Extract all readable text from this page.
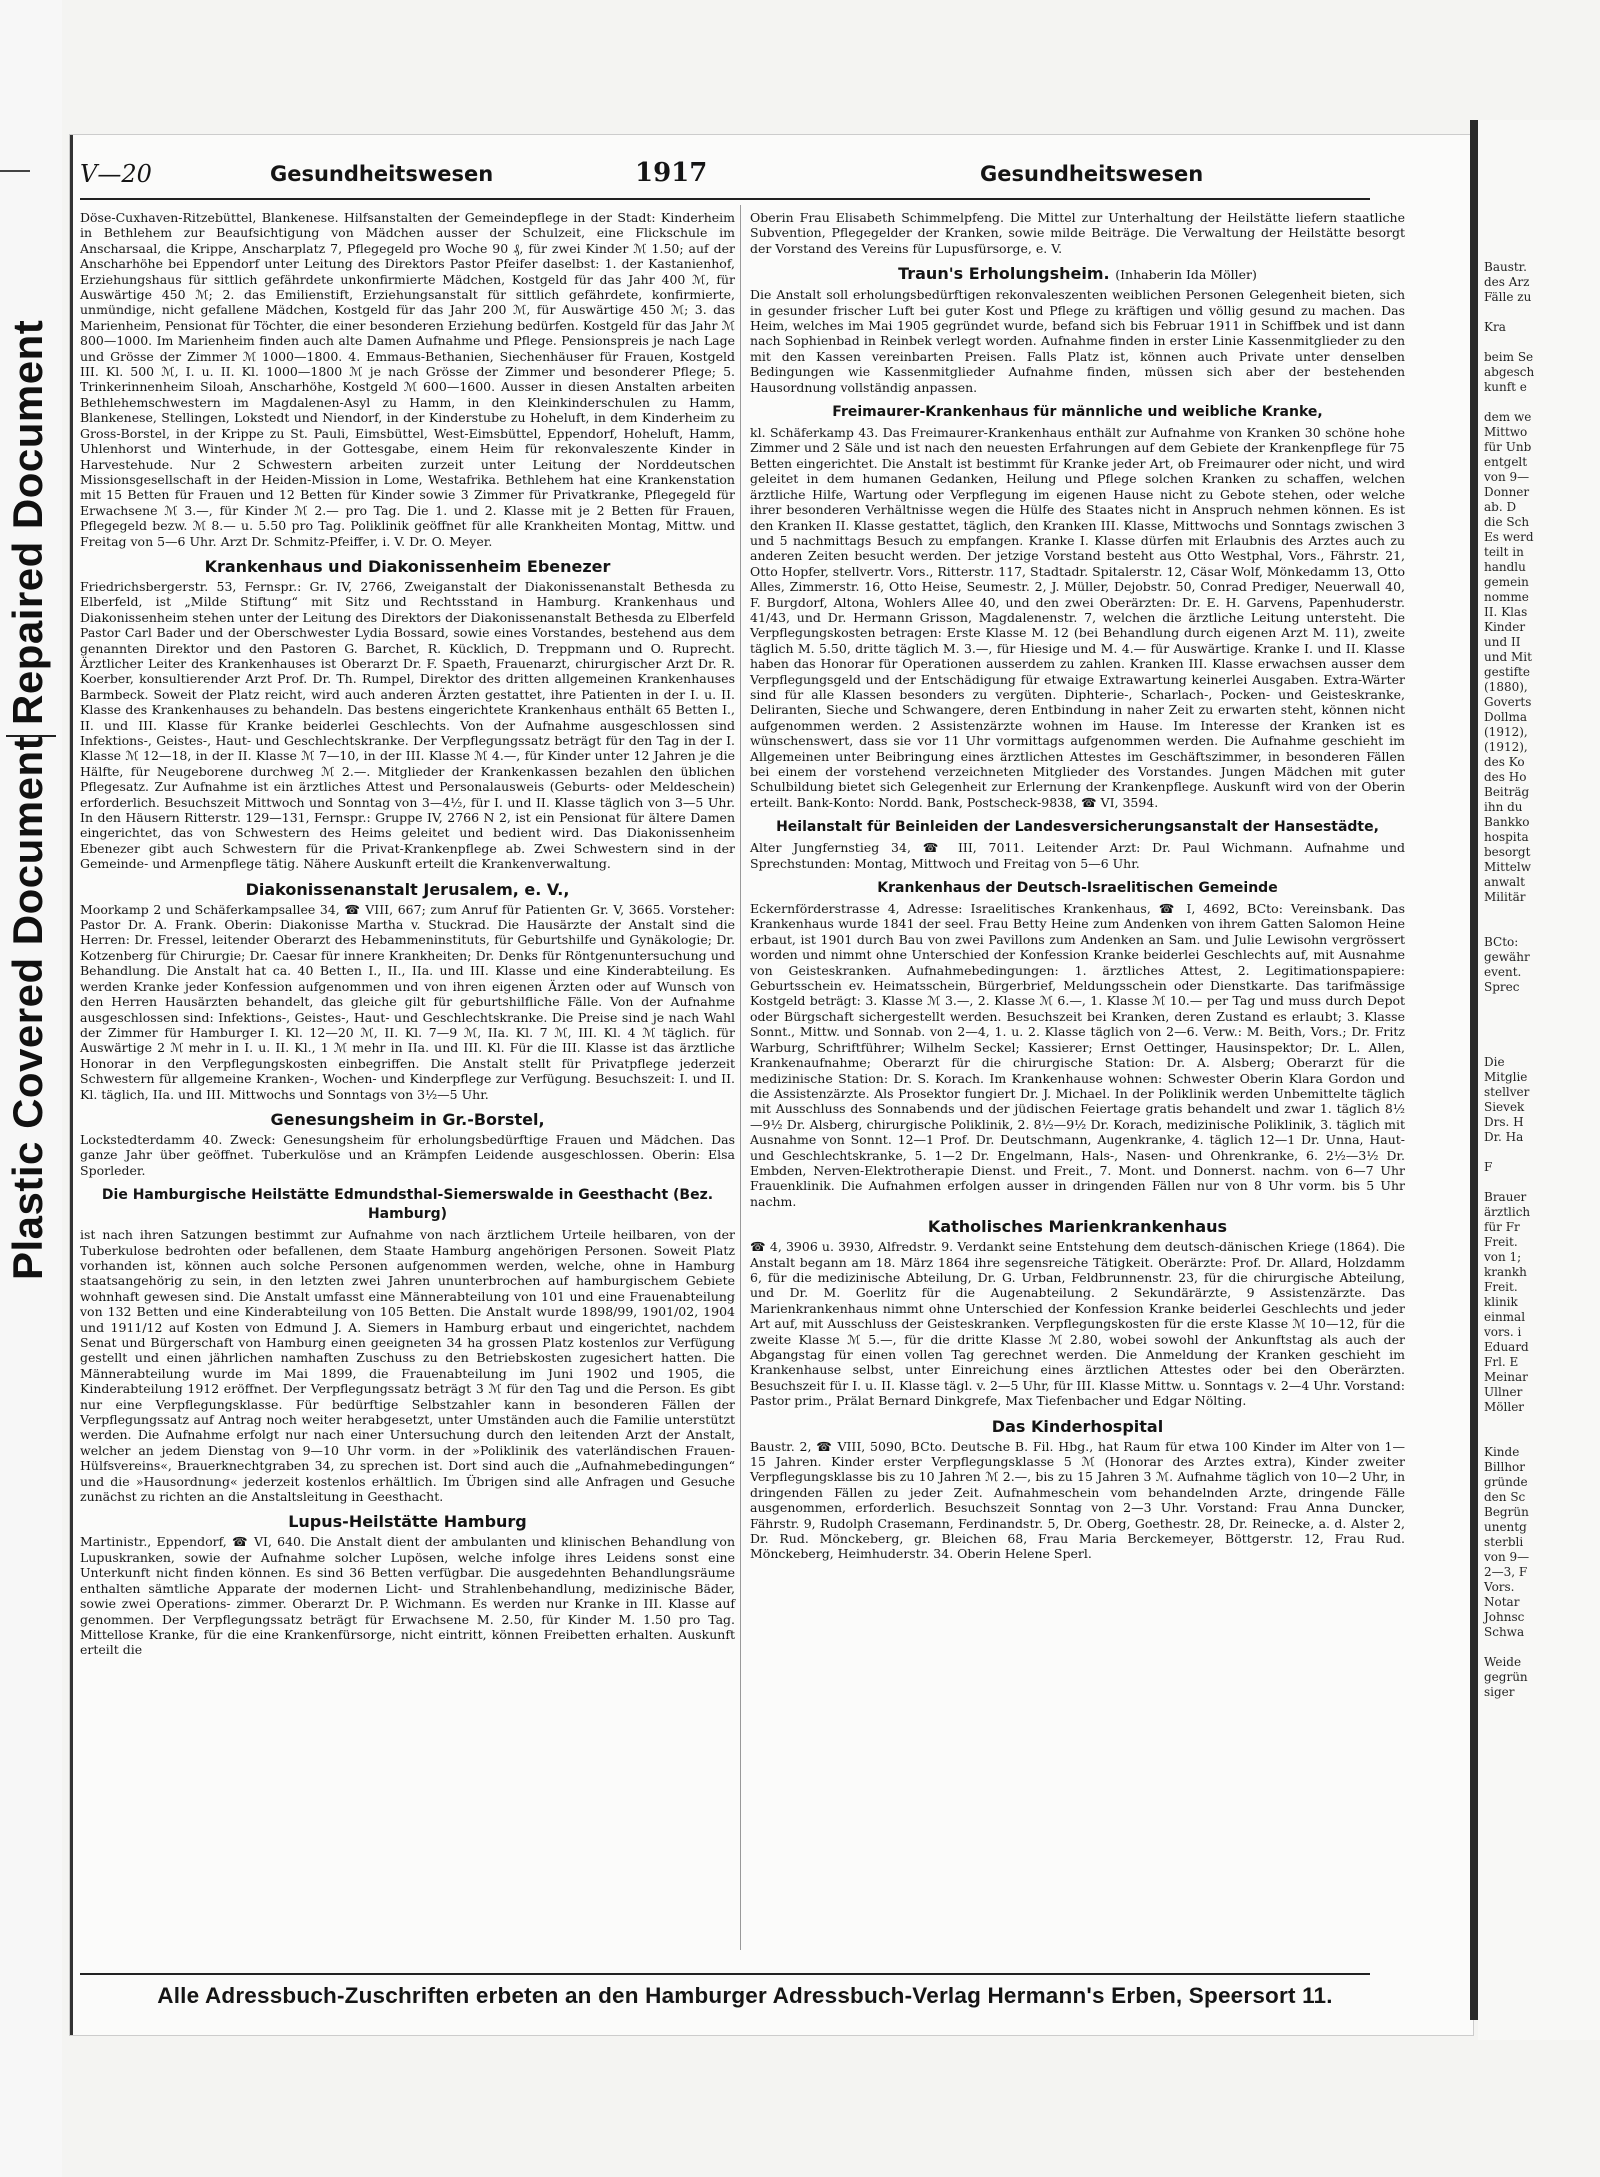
Plastic Covered Document
Repaired Document
Baustr.
des Arz
Fälle zu
Kra
beim Se
abgesch
kunft e
dem we
Mittwo
für Unb
entgelt
von 9—
Donner
ab. D
die Sch
Es werd
teilt in
handlu
gemein
nomme
II. Klas
Kinder
und II
und Mit
gestifte
(1880),
Goverts
Dollma
(1912),
(1912),
des Ko
des Ho
Beiträg
ihn du
Bankko
hospita
besorgt
Mittelw
anwalt
Militär
BCto:
gewähr
event.
Sprec
Die
Mitglie
stellver
Sievek
Drs. H
Dr. Ha
F
Brauer
ärztlich
für Fr
Freit.
von 1;
krankh
Freit.
klinik
einmal
vors. i
Eduard
Frl. E
Meinar
Ullner
Möller
Kinde
Billhor
gründe
den Sc
Begrün
unentg
sterbli
von 9—
2—3, F
Vors.
Notar
Johnsc
Schwa
Weide
gegrün
siger
V—20	Gesundheitswesen	1917	Gesundheitswesen

Döse-Cuxhaven-Ritzebüttel, Blankenese. Hilfsanstalten der Gemeindepflege in der Stadt: Kinderheim in Bethlehem zur Beaufsichtigung von Mädchen ausser der Schulzeit, eine Flickschule im Anscharsaal, die Krippe, Anscharplatz 7, Pflegegeld pro Woche 90 ₰, für zwei Kinder ℳ 1.50; auf der Anscharhöhe bei Eppendorf unter Leitung des Direktors Pastor Pfeifer daselbst: 1. der Kastanienhof, Erziehungshaus für sittlich gefährdete unkonfirmierte Mädchen, Kostgeld für das Jahr 400 ℳ, für Auswärtige 450 ℳ; 2. das Emilienstift, Erziehungsanstalt für sittlich gefährdete, konfirmierte, unmündige, nicht gefallene Mädchen, Kostgeld für das Jahr 200 ℳ, für Auswärtige 450 ℳ; 3. das Marienheim, Pensionat für Töchter, die einer besonderen Erziehung bedürfen. Kostgeld für das Jahr ℳ 800—1000. Im Marienheim finden auch alte Damen Aufnahme und Pflege. Pensionspreis je nach Lage und Grösse der Zimmer ℳ 1000—1800. 4. Emmaus-Bethanien, Siechenhäuser für Frauen, Kostgeld III. Kl. 500 ℳ, I. u. II. Kl. 1000—1800 ℳ je nach Grösse der Zimmer und besonderer Pflege; 5. Trinkerinnenheim Siloah, Anscharhöhe, Kostgeld ℳ 600—1600. Ausser in diesen Anstalten arbeiten Bethlehemschwestern im Magdalenen-Asyl zu Hamm, in den Kleinkinderschulen zu Hamm, Blankenese, Stellingen, Lokstedt und Niendorf, in der Kinderstube zu Hoheluft, in dem Kinderheim zu Gross-Borstel, in der Krippe zu St. Pauli, Eimsbüttel, West-Eimsbüttel, Eppendorf, Hoheluft, Hamm, Uhlenhorst und Winterhude, in der Gottesgabe, einem Heim für rekonvaleszente Kinder in Harvestehude. Nur 2 Schwestern arbeiten zurzeit unter Leitung der Norddeutschen Missionsgesellschaft in der Heiden-Mission in Lome, Westafrika. Bethlehem hat eine Krankenstation mit 15 Betten für Frauen und 12 Betten für Kinder sowie 3 Zimmer für Privatkranke, Pflegegeld für Erwachsene ℳ 3.—, für Kinder ℳ 2.— pro Tag. Die 1. und 2. Klasse mit je 2 Betten für Frauen, Pflegegeld bezw. ℳ 8.— u. 5.50 pro Tag. Poliklinik geöffnet für alle Krankheiten Montag, Mittw. und Freitag von 5—6 Uhr. Arzt Dr. Schmitz-Pfeiffer, i. V. Dr. O. Meyer.

Krankenhaus und Diakonissenheim Ebenezer

Friedrichsbergerstr. 53, Fernspr.: Gr. IV, 2766, Zweiganstalt der Diakonissenanstalt Bethesda zu Elberfeld, ist „Milde Stiftung“ mit Sitz und Rechtsstand in Hamburg. Krankenhaus und Diakonissenheim stehen unter der Leitung des Direktors der Diakonissenanstalt Bethesda zu Elberfeld Pastor Carl Bader und der Oberschwester Lydia Bossard, sowie eines Vorstandes, bestehend aus dem genannten Direktor und den Pastoren G. Barchet, R. Kücklich, D. Treppmann und O. Ruprecht. Ärztlicher Leiter des Krankenhauses ist Oberarzt Dr. F. Spaeth, Frauenarzt, chirurgischer Arzt Dr. R. Koerber, konsultierender Arzt Prof. Dr. Th. Rumpel, Direktor des dritten allgemeinen Krankenhauses Barmbeck. Soweit der Platz reicht, wird auch anderen Ärzten gestattet, ihre Patienten in der I. u. II. Klasse des Krankenhauses zu behandeln. Das bestens eingerichtete Krankenhaus enthält 65 Betten I., II. und III. Klasse für Kranke beiderlei Geschlechts. Von der Aufnahme ausgeschlossen sind Infektions-, Geistes-, Haut- und Geschlechtskranke. Der Verpflegungssatz beträgt für den Tag in der I. Klasse ℳ 12—18, in der II. Klasse ℳ 7—10, in der III. Klasse ℳ 4.—, für Kinder unter 12 Jahren je die Hälfte, für Neugeborene durchweg ℳ 2.—. Mitglieder der Krankenkassen bezahlen den üblichen Pflegesatz. Zur Aufnahme ist ein ärztliches Attest und Personalausweis (Geburts- oder Meldeschein) erforderlich. Besuchszeit Mittwoch und Sonntag von 3—4½, für I. und II. Klasse täglich von 3—5 Uhr. In den Häusern Ritterstr. 129—131, Fernspr.: Gruppe IV, 2766 N 2, ist ein Pensionat für ältere Damen eingerichtet, das von Schwestern des Heims geleitet und bedient wird. Das Diakonissenheim Ebenezer gibt auch Schwestern für die Privat-Krankenpflege ab. Zwei Schwestern sind in der Gemeinde- und Armenpflege tätig. Nähere Auskunft erteilt die Krankenverwaltung.

Diakonissenanstalt Jerusalem, e. V.,

Moorkamp 2 und Schäferkampsallee 34, ☎ VIII, 667; zum Anruf für Patienten Gr. V, 3665. Vorsteher: Pastor Dr. A. Frank. Oberin: Diakonisse Martha v. Stuckrad. Die Hausärzte der Anstalt sind die Herren: Dr. Fressel, leitender Oberarzt des Hebammeninstituts, für Geburtshilfe und Gynäkologie; Dr. Kotzenberg für Chirurgie; Dr. Caesar für innere Krankheiten; Dr. Denks für Röntgenuntersuchung und Behandlung. Die Anstalt hat ca. 40 Betten I., II., IIa. und III. Klasse und eine Kinderabteilung. Es werden Kranke jeder Konfession aufgenommen und von ihren eigenen Ärzten oder auf Wunsch von den Herren Hausärzten behandelt, das gleiche gilt für geburtshilfliche Fälle. Von der Aufnahme ausgeschlossen sind: Infektions-, Geistes-, Haut- und Geschlechtskranke. Die Preise sind je nach Wahl der Zimmer für Hamburger I. Kl. 12—20 ℳ, II. Kl. 7—9 ℳ, IIa. Kl. 7 ℳ, III. Kl. 4 ℳ täglich. für Auswärtige 2 ℳ mehr in I. u. II. Kl., 1 ℳ mehr in IIa. und III. Kl. Für die III. Klasse ist das ärztliche Honorar in den Verpflegungskosten einbegriffen. Die Anstalt stellt für Privatpflege jederzeit Schwestern für allgemeine Kranken-, Wochen- und Kinderpflege zur Verfügung. Besuchszeit: I. und II. Kl. täglich, IIa. und III. Mittwochs und Sonntags von 3½—5 Uhr.

Genesungsheim in Gr.-Borstel,

Lockstedterdamm 40. Zweck: Genesungsheim für erholungsbedürftige Frauen und Mädchen. Das ganze Jahr über geöffnet. Tuberkulöse und an Krämpfen Leidende ausgeschlossen. Oberin: Elsa Sporleder.

Die Hamburgische Heilstätte Edmundsthal-Siemerswalde in Geesthacht (Bez. Hamburg)

ist nach ihren Satzungen bestimmt zur Aufnahme von nach ärztlichem Urteile heilbaren, von der Tuberkulose bedrohten oder befallenen, dem Staate Hamburg angehörigen Personen. Soweit Platz vorhanden ist, können auch solche Personen aufgenommen werden, welche, ohne in Hamburg staatsangehörig zu sein, in den letzten zwei Jahren ununterbrochen auf hamburgischem Gebiete wohnhaft gewesen sind. Die Anstalt umfasst eine Männerabteilung von 101 und eine Frauenabteilung von 132 Betten und eine Kinderabteilung von 105 Betten. Die Anstalt wurde 1898/99, 1901/02, 1904 und 1911/12 auf Kosten von Edmund J. A. Siemers in Hamburg erbaut und eingerichtet, nachdem Senat und Bürgerschaft von Hamburg einen geeigneten 34 ha grossen Platz kostenlos zur Verfügung gestellt und einen jährlichen namhaften Zuschuss zu den Betriebskosten zugesichert hatten. Die Männerabteilung wurde im Mai 1899, die Frauenabteilung im Juni 1902 und 1905, die Kinderabteilung 1912 eröffnet. Der Verpflegungssatz beträgt 3 ℳ für den Tag und die Person. Es gibt nur eine Verpflegungsklasse. Für bedürftige Selbstzahler kann in besonderen Fällen der Verpflegungssatz auf Antrag noch weiter herabgesetzt, unter Umständen auch die Familie unterstützt werden. Die Aufnahme erfolgt nur nach einer Untersuchung durch den leitenden Arzt der Anstalt, welcher an jedem Dienstag von 9—10 Uhr vorm. in der »Poliklinik des vaterländischen Frauen-Hülfsvereins«, Brauerknechtgraben 34, zu sprechen ist. Dort sind auch die „Aufnahmebedingungen“ und die »Hausordnung« jederzeit kostenlos erhältlich. Im Übrigen sind alle Anfragen und Gesuche zunächst zu richten an die Anstaltsleitung in Geesthacht.

Lupus-Heilstätte Hamburg

Martinistr., Eppendorf, ☎ VI, 640. Die Anstalt dient der ambulanten und klinischen Behandlung von Lupuskranken, sowie der Aufnahme solcher Lupösen, welche infolge ihres Leidens sonst eine Unterkunft nicht finden können. Es sind 36 Betten verfügbar. Die ausgedehnten Behandlungsräume enthalten sämtliche Apparate der modernen Licht- und Strahlenbehandlung, medizinische Bäder, sowie zwei Operations- zimmer. Oberarzt Dr. P. Wichmann. Es werden nur Kranke in III. Klasse auf genommen. Der Verpflegungssatz beträgt für Erwachsene M. 2.50, für Kinder M. 1.50 pro Tag. Mittellose Kranke, für die eine Krankenfürsorge, nicht eintritt, können Freibetten erhalten. Auskunft erteilt die

Oberin Frau Elisabeth Schimmelpfeng. Die Mittel zur Unterhaltung der Heilstätte liefern staatliche Subvention, Pflegegelder der Kranken, sowie milde Beiträge. Die Verwaltung der Heilstätte besorgt der Vorstand des Vereins für Lupusfürsorge, e. V.

Traun's Erholungsheim. (Inhaberin Ida Möller)

Die Anstalt soll erholungsbedürftigen rekonvaleszenten weiblichen Personen Gelegenheit bieten, sich in gesunder frischer Luft bei guter Kost und Pflege zu kräftigen und völlig gesund zu machen. Das Heim, welches im Mai 1905 gegründet wurde, befand sich bis Februar 1911 in Schiffbek und ist dann nach Sophienbad in Reinbek verlegt worden. Aufnahme finden in erster Linie Kassenmitglieder zu den mit den Kassen vereinbarten Preisen. Falls Platz ist, können auch Private unter denselben Bedingungen wie Kassenmitglieder Aufnahme finden, müssen sich aber der bestehenden Hausordnung vollständig anpassen.

Freimaurer-Krankenhaus für männliche und weibliche Kranke,

kl. Schäferkamp 43. Das Freimaurer-Krankenhaus enthält zur Aufnahme von Kranken 30 schöne hohe Zimmer und 2 Säle und ist nach den neuesten Erfahrungen auf dem Gebiete der Krankenpflege für 75 Betten eingerichtet. Die Anstalt ist bestimmt für Kranke jeder Art, ob Freimaurer oder nicht, und wird geleitet in dem humanen Gedanken, Heilung und Pflege solchen Kranken zu schaffen, welchen ärztliche Hilfe, Wartung oder Verpflegung im eigenen Hause nicht zu Gebote stehen, oder welche ihrer besonderen Verhältnisse wegen die Hülfe des Staates nicht in Anspruch nehmen können. Es ist den Kranken II. Klasse gestattet, täglich, den Kranken III. Klasse, Mittwochs und Sonntags zwischen 3 und 5 nachmittags Besuch zu empfangen. Kranke I. Klasse dürfen mit Erlaubnis des Arztes auch zu anderen Zeiten besucht werden. Der jetzige Vorstand besteht aus Otto Westphal, Vors., Fährstr. 21, Otto Hopfer, stellvertr. Vors., Ritterstr. 117, Stadtadr. Spitalerstr. 12, Cäsar Wolf, Mönkedamm 13, Otto Alles, Zimmerstr. 16, Otto Heise, Seumestr. 2, J. Müller, Dejobstr. 50, Conrad Prediger, Neuerwall 40, F. Burgdorf, Altona, Wohlers Allee 40, und den zwei Oberärzten: Dr. E. H. Garvens, Papenhuderstr. 41/43, und Dr. Hermann Grisson, Magdalenenstr. 7, welchen die ärztliche Leitung untersteht. Die Verpflegungskosten betragen: Erste Klasse M. 12 (bei Behandlung durch eigenen Arzt M. 11), zweite täglich M. 5.50, dritte täglich M. 3.—, für Hiesige und M. 4.— für Auswärtige. Kranke I. und II. Klasse haben das Honorar für Operationen ausserdem zu zahlen. Kranken III. Klasse erwachsen ausser dem Verpflegungsgeld und der Entschädigung für etwaige Extrawartung keinerlei Ausgaben. Extra-Wärter sind für alle Klassen besonders zu vergüten. Diphterie-, Scharlach-, Pocken- und Geisteskranke, Deliranten, Sieche und Schwangere, deren Entbindung in naher Zeit zu erwarten steht, können nicht aufgenommen werden. 2 Assistenzärzte wohnen im Hause. Im Interesse der Kranken ist es wünschenswert, dass sie vor 11 Uhr vormittags aufgenommen werden. Die Aufnahme geschieht im Allgemeinen unter Beibringung eines ärztlichen Attestes im Geschäftszimmer, in besonderen Fällen bei einem der vorstehend verzeichneten Mitglieder des Vorstandes. Jungen Mädchen mit guter Schulbildung bietet sich Gelegenheit zur Erlernung der Krankenpflege. Auskunft wird von der Oberin erteilt. Bank-Konto: Nordd. Bank, Postscheck-9838, ☎ VI, 3594.

Heilanstalt für Beinleiden der Landesversicherungsanstalt der Hansestädte,

Alter Jungfernstieg 34, ☎ III, 7011. Leitender Arzt: Dr. Paul Wichmann. Aufnahme und Sprechstunden: Montag, Mittwoch und Freitag von 5—6 Uhr.

Krankenhaus der Deutsch-Israelitischen Gemeinde

Eckernförderstrasse 4, Adresse: Israelitisches Krankenhaus, ☎ I, 4692, BCto: Vereinsbank. Das Krankenhaus wurde 1841 der seel. Frau Betty Heine zum Andenken von ihrem Gatten Salomon Heine erbaut, ist 1901 durch Bau von zwei Pavillons zum Andenken an Sam. und Julie Lewisohn vergrössert worden und nimmt ohne Unterschied der Konfession Kranke beiderlei Geschlechts auf, mit Ausnahme von Geisteskranken. Aufnahmebedingungen: 1. ärztliches Attest, 2. Legitimationspapiere: Geburtsschein ev. Heimatsschein, Bürgerbrief, Meldungsschein oder Dienstkarte. Das tarifmässige Kostgeld beträgt: 3. Klasse ℳ 3.—, 2. Klasse ℳ 6.—, 1. Klasse ℳ 10.— per Tag und muss durch Depot oder Bürgschaft sichergestellt werden. Besuchszeit bei Kranken, deren Zustand es erlaubt; 3. Klasse Sonnt., Mittw. und Sonnab. von 2—4, 1. u. 2. Klasse täglich von 2—6. Verw.: M. Beith, Vors.; Dr. Fritz Warburg, Schriftführer; Wilhelm Seckel; Kassierer; Ernst Oettinger, Hausinspektor; Dr. L. Allen, Krankenaufnahme; Oberarzt für die chirurgische Station: Dr. A. Alsberg; Oberarzt für die medizinische Station: Dr. S. Korach. Im Krankenhause wohnen: Schwester Oberin Klara Gordon und die Assistenzärzte. Als Prosektor fungiert Dr. J. Michael. In der Poliklinik werden Unbemittelte täglich mit Ausschluss des Sonnabends und der jüdischen Feiertage gratis behandelt und zwar 1. täglich 8½—9½ Dr. Alsberg, chirurgische Poliklinik, 2. 8½—9½ Dr. Korach, medizinische Poliklinik, 3. täglich mit Ausnahme von Sonnt. 12—1 Prof. Dr. Deutschmann, Augenkranke, 4. täglich 12—1 Dr. Unna, Haut- und Geschlechtskranke, 5. 1—2 Dr. Engelmann, Hals-, Nasen- und Ohrenkranke, 6. 2½—3½ Dr. Embden, Nerven-Elektrotherapie Dienst. und Freit., 7. Mont. und Donnerst. nachm. von 6—7 Uhr Frauenklinik. Die Aufnahmen erfolgen ausser in dringenden Fällen nur von 8 Uhr vorm. bis 5 Uhr nachm.

Katholisches Marienkrankenhaus

☎ 4, 3906 u. 3930, Alfredstr. 9. Verdankt seine Entstehung dem deutsch-dänischen Kriege (1864). Die Anstalt begann am 18. März 1864 ihre segensreiche Tätigkeit. Oberärzte: Prof. Dr. Allard, Holzdamm 6, für die medizinische Abteilung, Dr. G. Urban, Feldbrunnenstr. 23, für die chirurgische Abteilung, und Dr. M. Goerlitz für die Augenabteilung. 2 Sekundärärzte, 9 Assistenzärzte. Das Marienkrankenhaus nimmt ohne Unterschied der Konfession Kranke beiderlei Geschlechts und jeder Art auf, mit Ausschluss der Geisteskranken. Verpflegungskosten für die erste Klasse ℳ 10—12, für die zweite Klasse ℳ 5.—, für die dritte Klasse ℳ 2.80, wobei sowohl der Ankunftstag als auch der Abgangstag für einen vollen Tag gerechnet werden. Die Anmeldung der Kranken geschieht im Krankenhause selbst, unter Einreichung eines ärztlichen Attestes oder bei den Oberärzten. Besuchszeit für I. u. II. Klasse tägl. v. 2—5 Uhr, für III. Klasse Mittw. u. Sonntags v. 2—4 Uhr. Vorstand: Pastor prim., Prälat Bernard Dinkgrefe, Max Tiefenbacher und Edgar Nölting.

Das Kinderhospital

Baustr. 2, ☎ VIII, 5090, BCto. Deutsche B. Fil. Hbg., hat Raum für etwa 100 Kinder im Alter von 1— 15 Jahren. Kinder erster Verpflegungsklasse 5 ℳ (Honorar des Arztes extra), Kinder zweiter Verpflegungsklasse bis zu 10 Jahren ℳ 2.—, bis zu 15 Jahren 3 ℳ. Aufnahme täglich von 10—2 Uhr, in dringenden Fällen zu jeder Zeit. Aufnahmeschein vom behandelnden Arzte, dringende Fälle ausgenommen, erforderlich. Besuchszeit Sonntag von 2—3 Uhr. Vorstand: Frau Anna Duncker, Fährstr. 9, Rudolph Crasemann, Ferdinandstr. 5, Dr. Oberg, Goethestr. 28, Dr. Reinecke, a. d. Alster 2, Dr. Rud. Mönckeberg, gr. Bleichen 68, Frau Maria Berckemeyer, Böttgerstr. 12, Frau Rud. Mönckeberg, Heimhuderstr. 34. Oberin Helene Sperl.

Alle Adressbuch-Zuschriften erbeten an den Hamburger Adressbuch-Verlag Hermann's Erben, Speersort 11.
